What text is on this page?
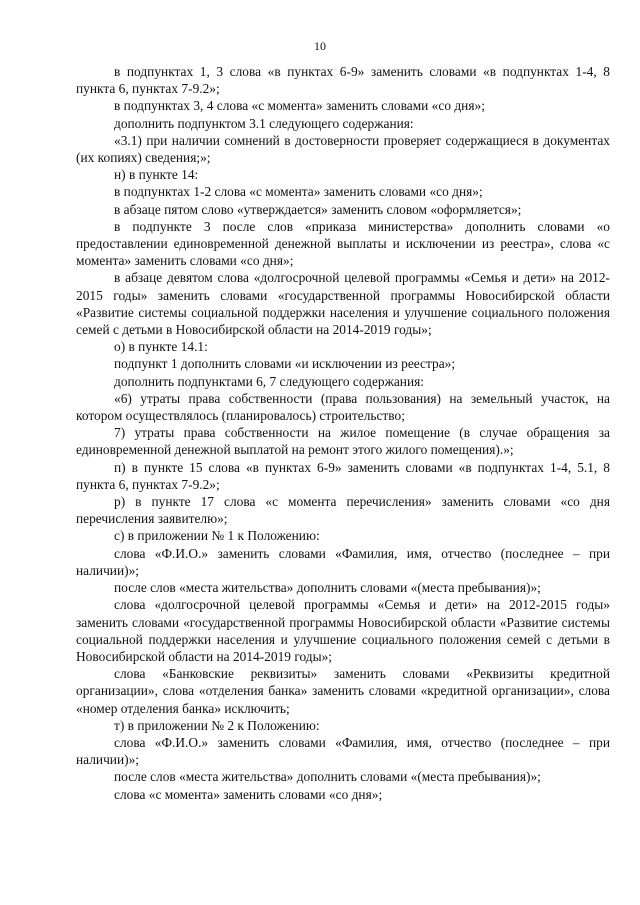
10

в подпунктах 1, 3 слова «в пунктах 6-9» заменить словами «в подпунктах 1-4, 8 пункта 6, пунктах 7-9.2»;

в подпунктах 3, 4 слова «с момента» заменить словами «со дня»;

дополнить подпунктом 3.1 следующего содержания:

«3.1) при наличии сомнений в достоверности проверяет содержащиеся в документах (их копиях) сведения;»;

н) в пункте 14:

в подпунктах 1-2 слова «с момента» заменить словами «со дня»;

в абзаце пятом слово «утверждается» заменить словом «оформляется»;

в подпункте 3 после слов «приказа министерства» дополнить словами «о предоставлении единовременной денежной выплаты и исключении из реестра», слова «с момента» заменить словами «со дня»;

в абзаце девятом слова «долгосрочной целевой программы «Семья и дети» на 2012-2015 годы» заменить словами «государственной программы Новосибирской области «Развитие системы социальной поддержки населения и улучшение социального положения семей с детьми в Новосибирской области на 2014-2019 годы»;

о) в пункте 14.1:

подпункт 1 дополнить словами «и исключении из реестра»;

дополнить подпунктами 6, 7 следующего содержания:

«6) утраты права собственности (права пользования) на земельный участок, на котором осуществлялось (планировалось) строительство;

7) утраты права собственности на жилое помещение (в случае обращения за единовременной денежной выплатой на ремонт этого жилого помещения).»;

п) в пункте 15 слова «в пунктах 6-9» заменить словами «в подпунктах 1-4, 5.1, 8 пункта 6, пунктах 7-9.2»;

р) в пункте 17 слова «с момента перечисления» заменить словами «со дня перечисления заявителю»;

с) в приложении № 1 к Положению:

слова «Ф.И.О.» заменить словами «Фамилия, имя, отчество (последнее – при наличии)»;

после слов «места жительства» дополнить словами «(места пребывания)»;

слова «долгосрочной целевой программы «Семья и дети» на 2012-2015 годы» заменить словами «государственной программы Новосибирской области «Развитие системы социальной поддержки населения и улучшение социального положения семей с детьми в Новосибирской области на 2014-2019 годы»;

слова «Банковские реквизиты» заменить словами «Реквизиты кредитной организации», слова «отделения банка» заменить словами «кредитной организации», слова «номер отделения банка» исключить;

т) в приложении № 2 к Положению:

слова «Ф.И.О.» заменить словами «Фамилия, имя, отчество (последнее – при наличии)»;

после слов «места жительства» дополнить словами «(места пребывания)»;

слова «с момента» заменить словами «со дня»;
